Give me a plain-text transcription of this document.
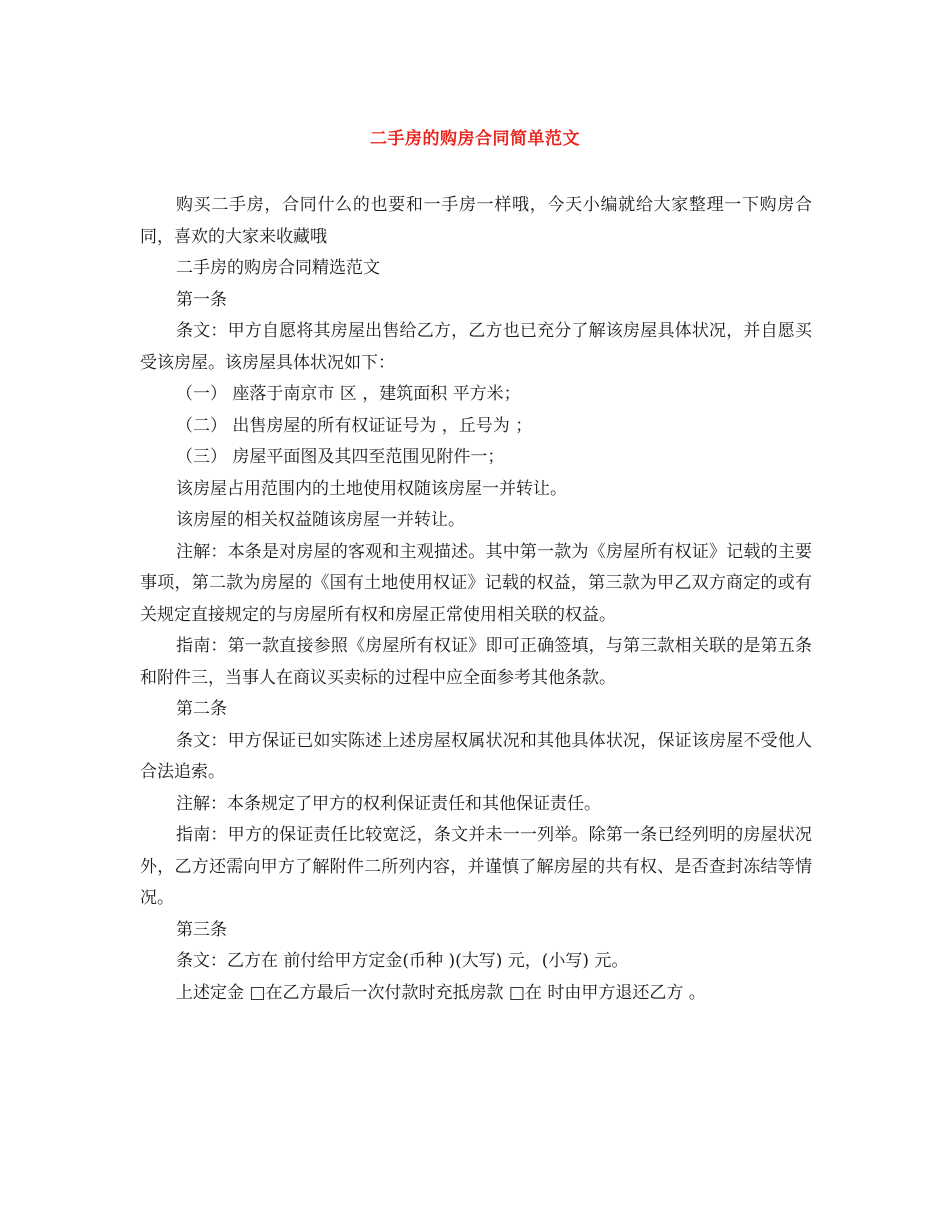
二手房的购房合同简单范文

购买二手房，合同什么的也要和一手房一样哦，今天小编就给大家整理一下购房合同，喜欢的大家来收藏哦

二手房的购房合同精选范文

第一条

条文：甲方自愿将其房屋出售给乙方，乙方也已充分了解该房屋具体状况，并自愿买受该房屋。该房屋具体状况如下：

（一） 座落于南京市 区 ，建筑面积 平方米；

（二） 出售房屋的所有权证证号为 ，丘号为 ；

（三） 房屋平面图及其四至范围见附件一；

该房屋占用范围内的土地使用权随该房屋一并转让。

该房屋的相关权益随该房屋一并转让。

注解：本条是对房屋的客观和主观描述。其中第一款为《房屋所有权证》记载的主要事项，第二款为房屋的《国有土地使用权证》记载的权益，第三款为甲乙双方商定的或有关规定直接规定的与房屋所有权和房屋正常使用相关联的权益。

指南：第一款直接参照《房屋所有权证》即可正确签填，与第三款相关联的是第五条和附件三，当事人在商议买卖标的过程中应全面参考其他条款。

第二条

条文：甲方保证已如实陈述上述房屋权属状况和其他具体状况，保证该房屋不受他人合法追索。

注解：本条规定了甲方的权利保证责任和其他保证责任。

指南：甲方的保证责任比较宽泛，条文并未一一列举。除第一条已经列明的房屋状况外，乙方还需向甲方了解附件二所列内容，并谨慎了解房屋的共有权、是否查封冻结等情况。

第三条

条文：乙方在 前付给甲方定金(币种 )(大写) 元，(小写) 元。

上述定金 □在乙方最后一次付款时充抵房款 □在 时由甲方退还乙方 。
